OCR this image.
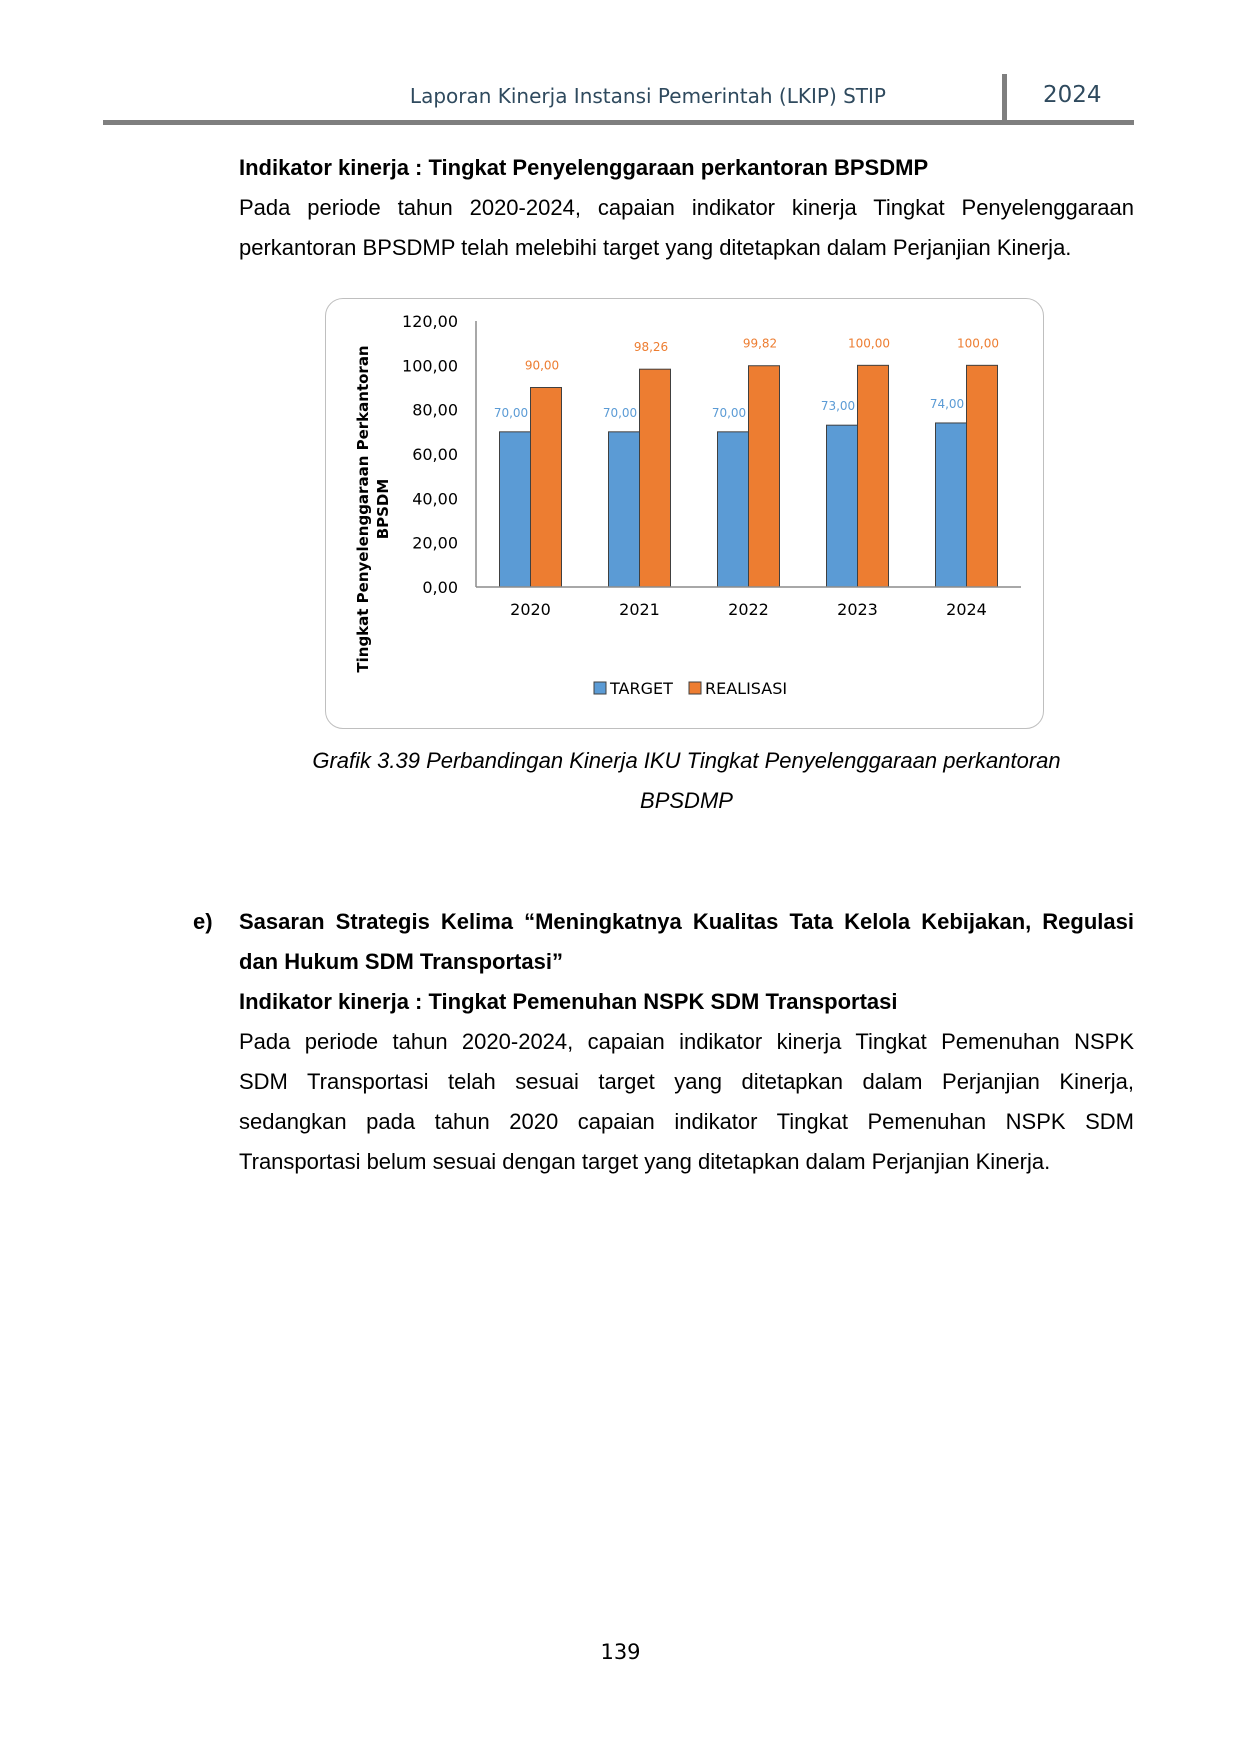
Laporan Kinerja Instansi Pemerintah (LKIP) STIP	2024
Indikator kinerja : Tingkat Penyelenggaraan perkantoran BPSDMP
Pada periode tahun 2020-2024, capaian indikator kinerja Tingkat Penyelenggaraan
perkantoran BPSDMP telah melebihi target yang ditetapkan dalam Perjanjian Kinerja.
Tingkat Penyelenggaraan Perkantoran BPSDM
0,00
20,00
40,00
60,00
80,00
100,00
120,00
70,00
90,00
70,00
98,26
70,00
99,82
73,00
100,00
74,00
100,00
2020	2021	2022	2023	2024
TARGET REALISASI
Grafik 3.39 Perbandingan Kinerja IKU Tingkat Penyelenggaraan perkantoran
BPSDMP
e) Sasaran Strategis Kelima “Meningkatnya Kualitas Tata Kelola Kebijakan, Regulasi
dan Hukum SDM Transportasi”
Indikator kinerja : Tingkat Pemenuhan NSPK SDM Transportasi
Pada periode tahun 2020-2024, capaian indikator kinerja Tingkat Pemenuhan NSPK
SDM Transportasi telah sesuai target yang ditetapkan dalam Perjanjian Kinerja,
sedangkan pada tahun 2020 capaian indikator Tingkat Pemenuhan NSPK SDM
Transportasi belum sesuai dengan target yang ditetapkan dalam Perjanjian Kinerja.
139
